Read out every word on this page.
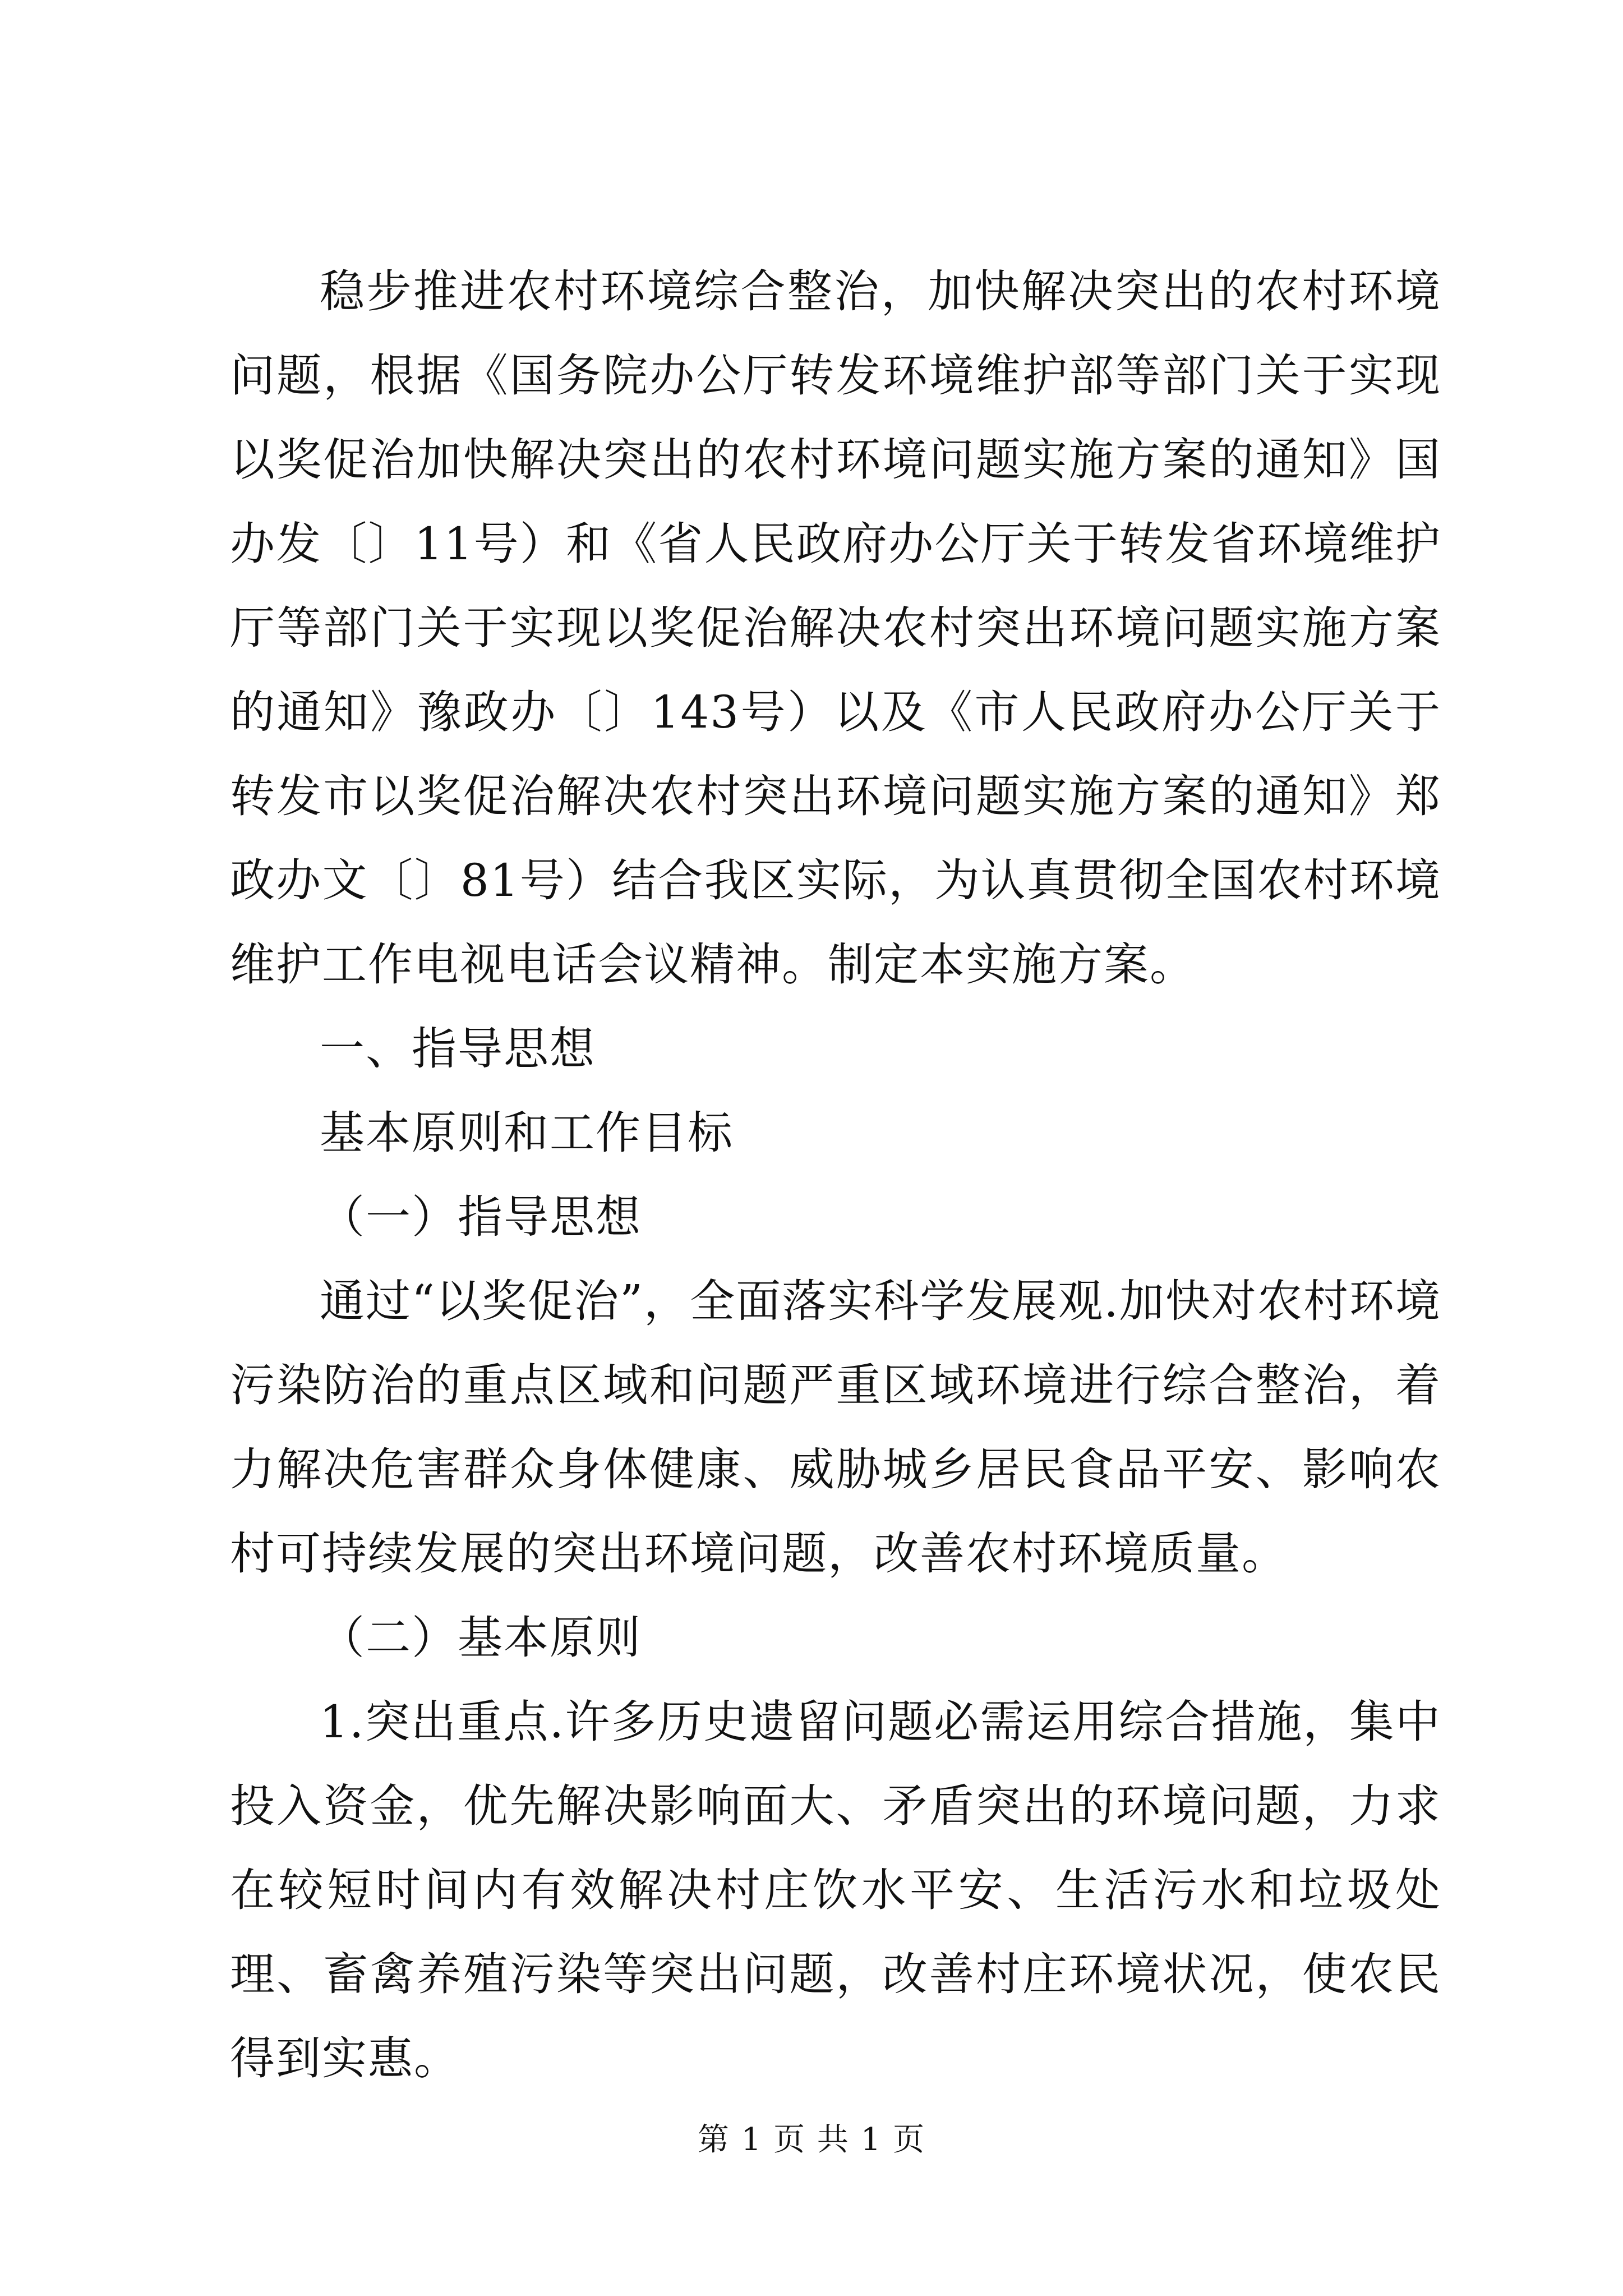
稳步推进农村环境综合整治，加快解决突出的农村环境问题，根据《国务院办公厅转发环境维护部等部门关于实现以奖促治加快解决突出的农村环境问题实施方案的通知》国办发〔〕11号）和《省人民政府办公厅关于转发省环境维护厅等部门关于实现以奖促治解决农村突出环境问题实施方案的通知》豫政办〔〕143号）以及《市人民政府办公厅关于转发市以奖促治解决农村突出环境问题实施方案的通知》郑政办文〔〕81号）结合我区实际，为认真贯彻全国农村环境维护工作电视电话会议精神。制定本实施方案。

一、指导思想

基本原则和工作目标

（一）指导思想

通过“以奖促治”，全面落实科学发展观.加快对农村环境污染防治的重点区域和问题严重区域环境进行综合整治，着力解决危害群众身体健康、威胁城乡居民食品平安、影响农村可持续发展的突出环境问题，改善农村环境质量。

（二）基本原则

1.突出重点.许多历史遗留问题必需运用综合措施，集中投入资金，优先解决影响面大、矛盾突出的环境问题，力求在较短时间内有效解决村庄饮水平安、生活污水和垃圾处理、畜禽养殖污染等突出问题，改善村庄环境状况，使农民得到实惠。

第 1 页 共 1 页
